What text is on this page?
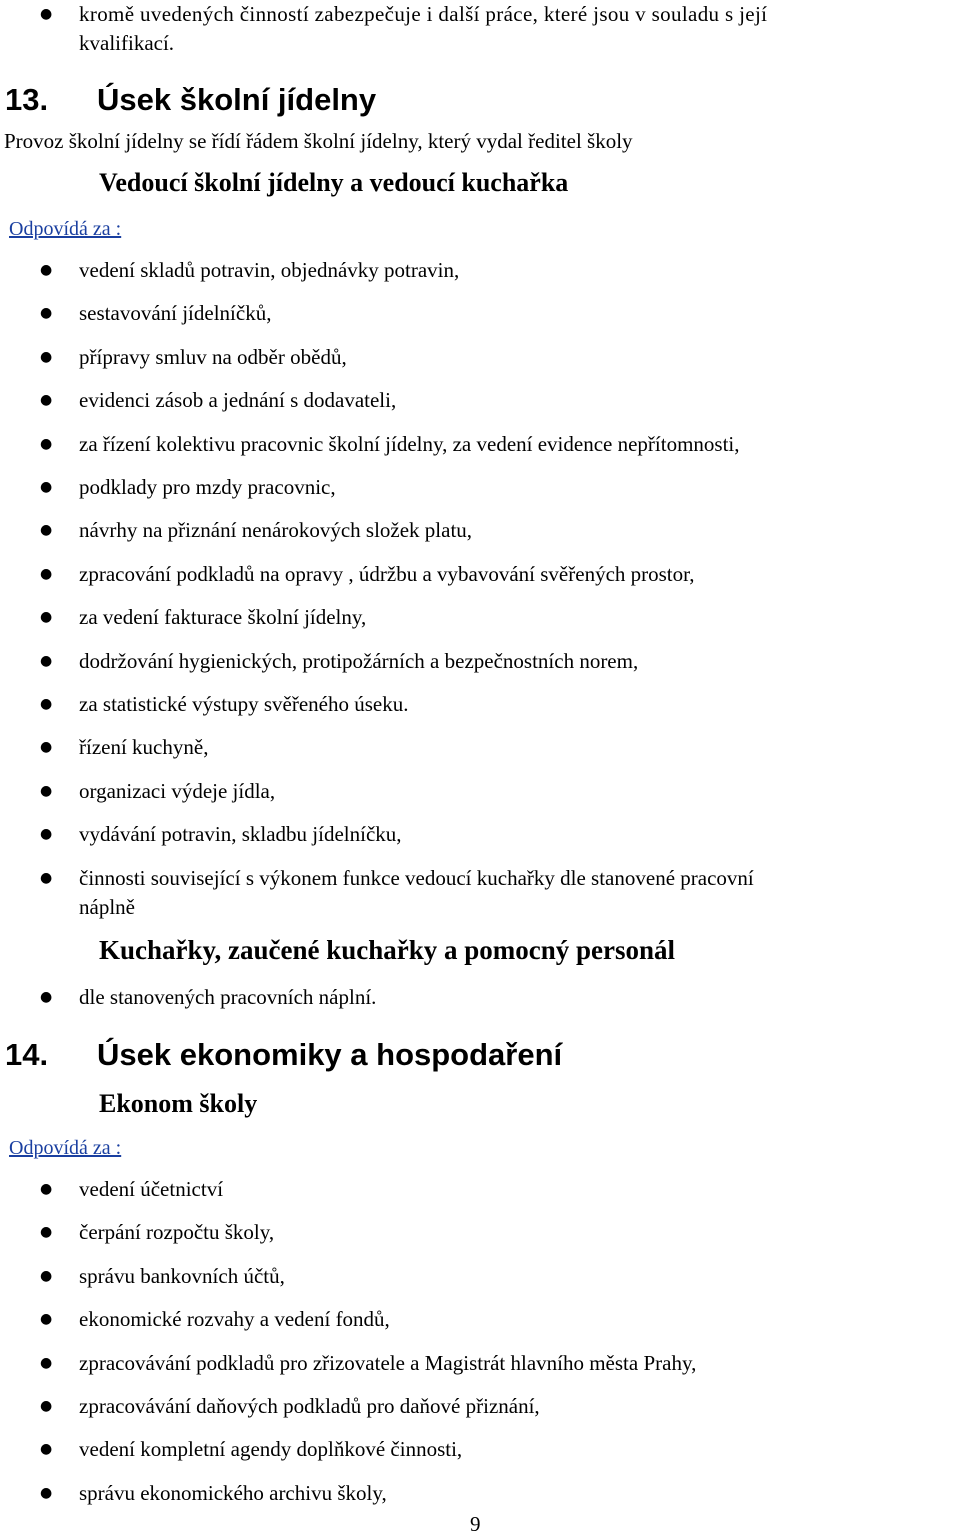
● kromě uvedených činností zabezpečuje i další práce, které jsou v souladu s její
kvalifikací.
13. Úsek školní jídelny
Provoz školní jídelny se řídí řádem školní jídelny, který vydal ředitel školy
Vedoucí školní jídelny a vedoucí kuchařka
Odpovídá za :
● vedení skladů potravin, objednávky potravin,
● sestavování jídelníčků,
● přípravy smluv na odběr obědů,
● evidenci zásob a jednání s dodavateli,
● za řízení kolektivu pracovnic školní jídelny, za vedení evidence nepřítomnosti,
● podklady pro mzdy pracovnic,
● návrhy na přiznání nenárokových složek platu,
● zpracování podkladů na opravy , údržbu a vybavování svěřených prostor,
● za vedení fakturace školní jídelny,
● dodržování hygienických, protipožárních a bezpečnostních norem,
● za statistické výstupy svěřeného úseku.
● řízení kuchyně,
● organizaci výdeje jídla,
● vydávání potravin, skladbu jídelníčku,
● činnosti související s výkonem funkce vedoucí kuchařky dle stanovené pracovní
náplně
Kuchařky, zaučené kuchařky a pomocný personál
● dle stanovených pracovních náplní.
14. Úsek ekonomiky a hospodaření
Ekonom školy
Odpovídá za :
● vedení účetnictví
● čerpání rozpočtu školy,
● správu bankovních účtů,
● ekonomické rozvahy a vedení fondů,
● zpracovávání podkladů pro zřizovatele a Magistrát hlavního města Prahy,
● zpracovávání daňových podkladů pro daňové přiznání,
● vedení kompletní agendy doplňkové činnosti,
● správu ekonomického archivu školy,
9
